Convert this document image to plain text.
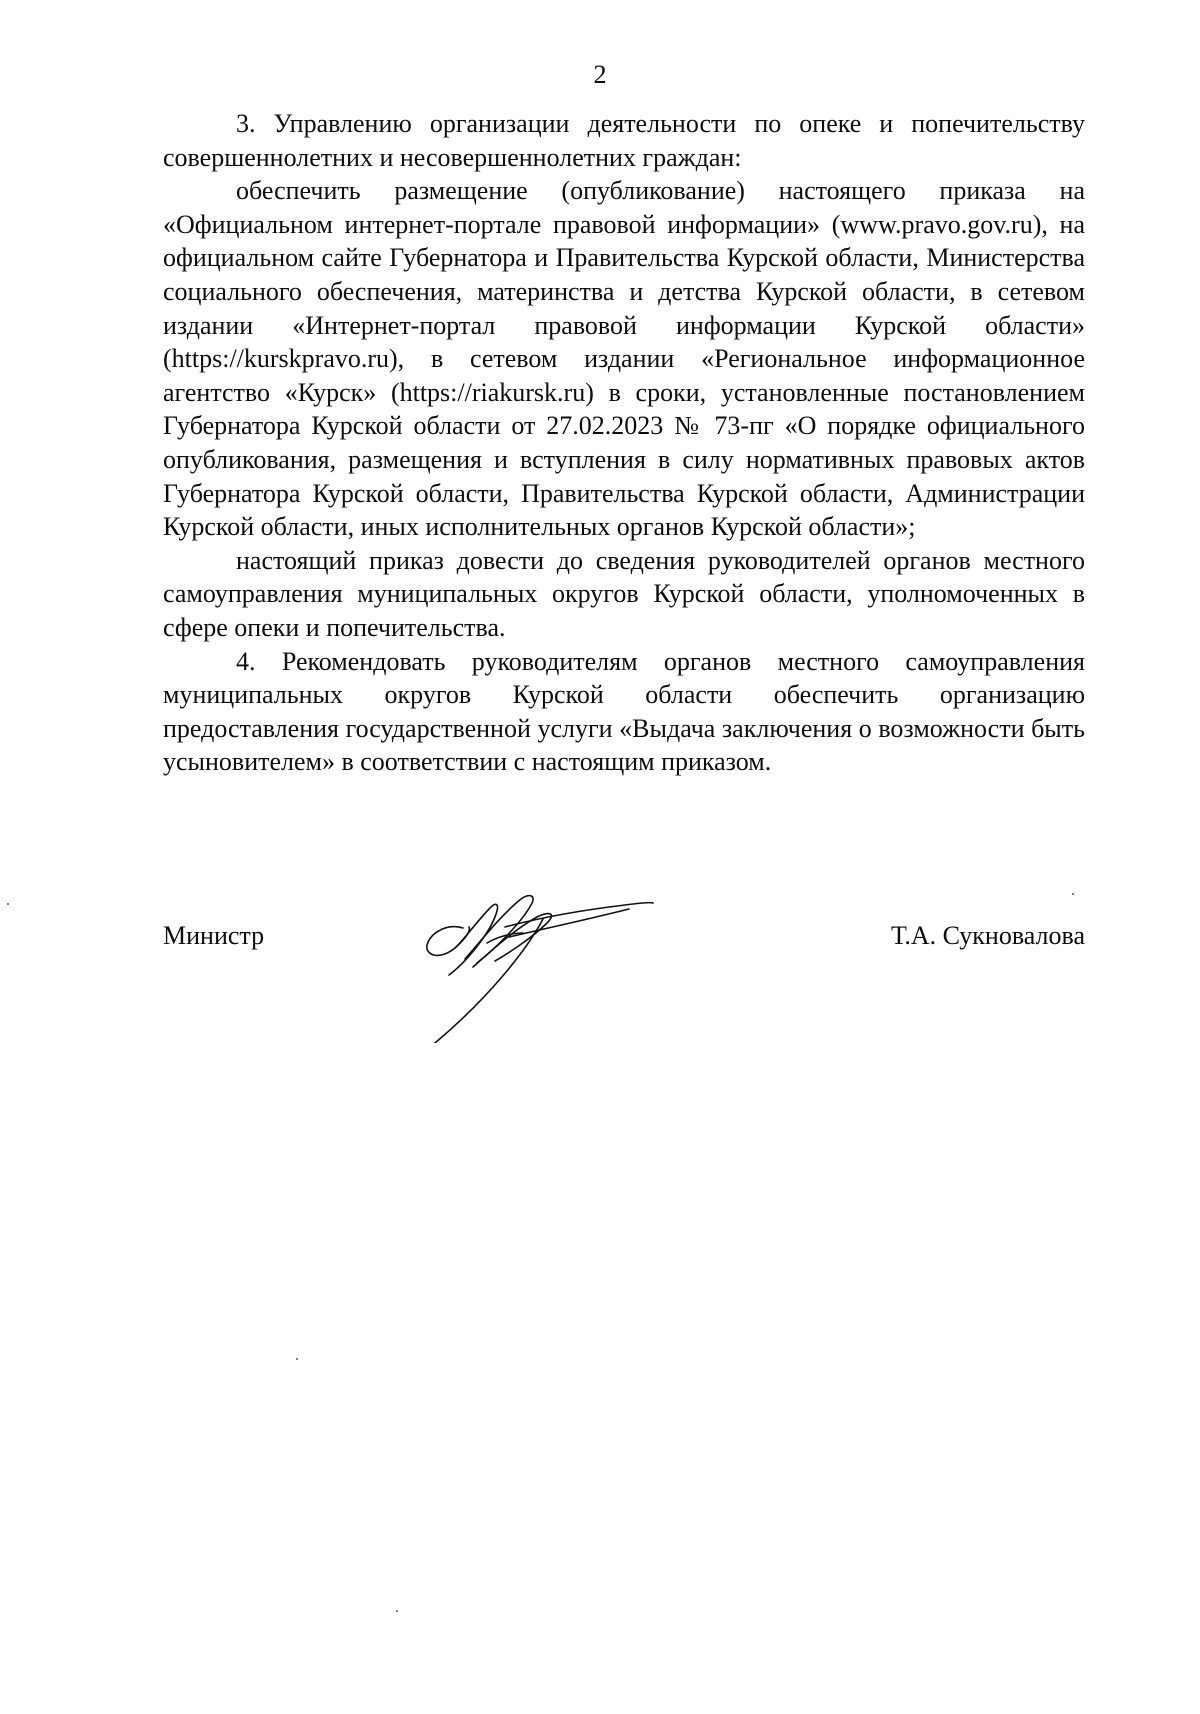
2

3. Управлению организации деятельности по опеке и попечительству совершеннолетних и несовершеннолетних граждан:

обеспечить размещение (опубликование) настоящего приказа на «Официальном интернет-портале правовой информации» (www.pravo.gov.ru), на официальном сайте Губернатора и Правительства Курской области, Министерства социального обеспечения, материнства и детства Курской области, в сетевом издании «Интернет-портал правовой информации Курской области» (https://kurskpravo.ru), в сетевом издании «Региональное информационное агентство «Курск» (https://riakursk.ru) в сроки, установленные постановлением Губернатора Курской области от 27.02.2023 № 73-пг «О порядке официального опубликования, размещения и вступления в силу нормативных правовых актов Губернатора Курской области, Правительства Курской области, Администрации Курской области, иных исполнительных органов Курской области»;

настоящий приказ довести до сведения руководителей органов местного самоуправления муниципальных округов Курской области, уполномоченных в сфере опеки и попечительства.

4. Рекомендовать руководителям органов местного самоуправления муниципальных округов Курской области обеспечить организацию предоставления государственной услуги «Выдача заключения о возможности быть усыновителем» в соответствии с настоящим приказом.

Министр	Т.А. Сукновалова
